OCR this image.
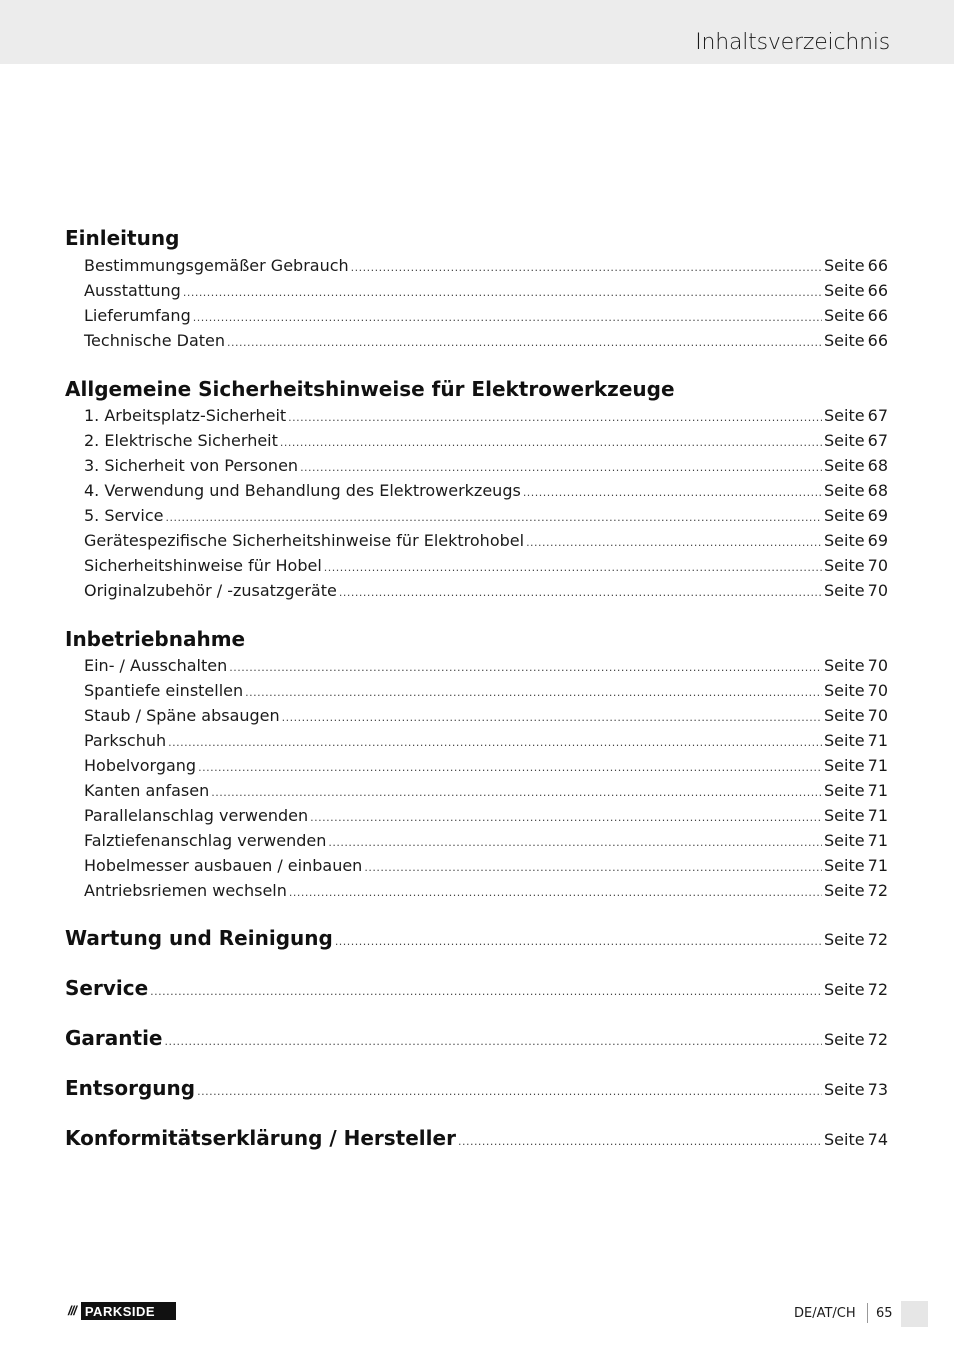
Inhaltsverzeichnis
Einleitung
Bestimmungsgemäßer Gebrauch .....	Seite 66
Ausstattung .....	Seite 66
Lieferumfang .....	Seite 66
Technische Daten .....	Seite 66
Allgemeine Sicherheitshinweise für Elektrowerkzeuge
1. Arbeitsplatz-Sicherheit .....	Seite 67
2. Elektrische Sicherheit .....	Seite 67
3. Sicherheit von Personen .....	Seite 68
4. Verwendung und Behandlung des Elektrowerkzeugs .....	Seite 68
5. Service .....	Seite 69
Gerätespezifische Sicherheitshinweise für Elektrohobel .....	Seite 69
Sicherheitshinweise für Hobel .....	Seite 70
Originalzubehör / -zusatzgeräte .....	Seite 70
Inbetriebnahme
Ein- / Ausschalten .....	Seite 70
Spantiefe einstellen .....	Seite 70
Staub / Späne absaugen .....	Seite 70
Parkschuh .....	Seite 71
Hobelvorgang .....	Seite 71
Kanten anfasen .....	Seite 71
Parallelanschlag verwenden .....	Seite 71
Falztiefenanschlag verwenden .....	Seite 71
Hobelmesser ausbauen / einbauen .....	Seite 71
Antriebsriemen wechseln .....	Seite 72
Wartung und Reinigung .....	Seite 72
Service .....	Seite 72
Garantie .....	Seite 72
Entsorgung .....	Seite 73
Konformitätserklärung / Hersteller .....	Seite 74
/// PARKSIDE	DE/AT/CH 65
